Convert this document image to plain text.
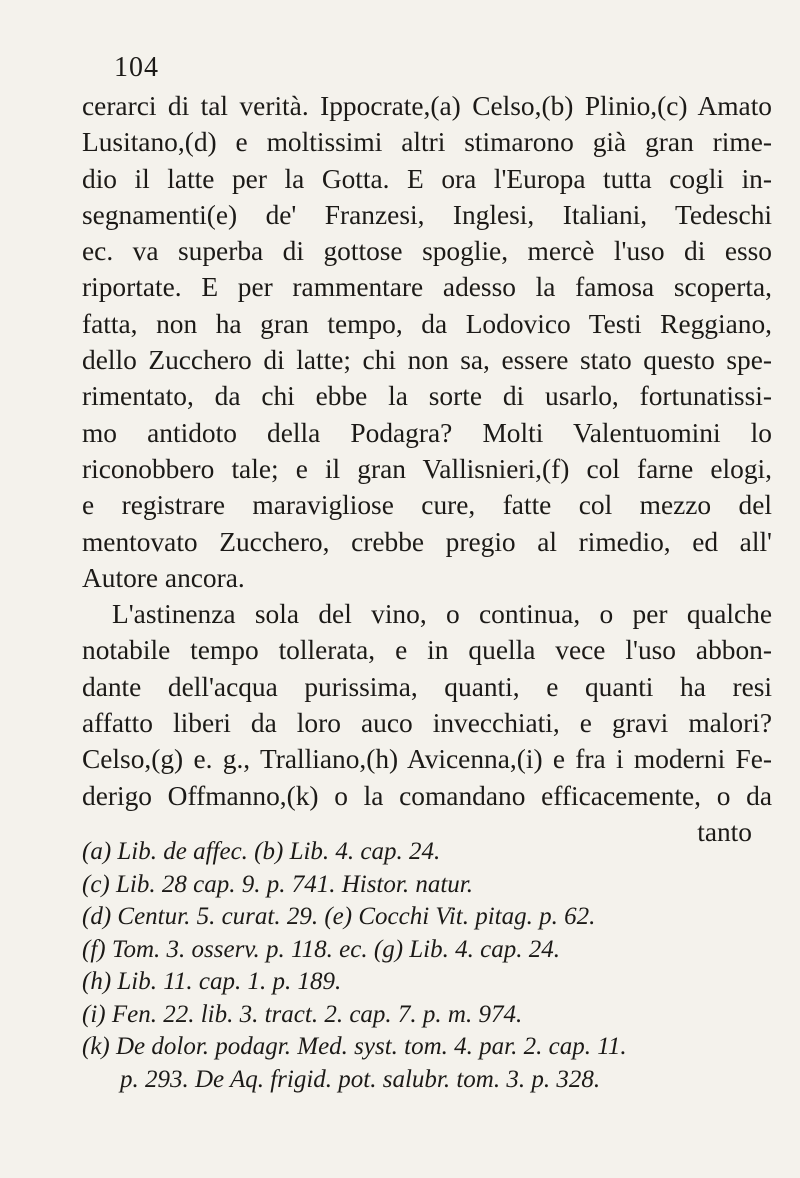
104
cerarci di tal verità. Ippocrate,(a) Celso,(b) Plinio,(c) Amato
Lusitano,(d) e moltissimi altri stimarono già gran rime-
dio il latte per la Gotta. E ora l'Europa tutta cogli in-
segnamenti(e) de' Franzesi, Inglesi, Italiani, Tedeschi
ec. va superba di gottose spoglie, mercè l'uso di esso
riportate. E per rammentare adesso la famosa scoperta,
fatta, non ha gran tempo, da Lodovico Testi Reggiano,
dello Zucchero di latte; chi non sa, essere stato questo spe-
rimentato, da chi ebbe la sorte di usarlo, fortunatissi-
mo antidoto della Podagra? Molti Valentuomini lo
riconobbero tale; e il gran Vallisnieri,(f) col farne elogi,
e registrare maravigliose cure, fatte col mezzo del
mentovato Zucchero, crebbe pregio al rimedio, ed all'
Autore ancora.
L'astinenza sola del vino, o continua, o per qualche
notabile tempo tollerata, e in quella vece l'uso abbon-
dante dell'acqua purissima, quanti, e quanti ha resi
affatto liberi da loro auco invecchiati, e gravi malori?
Celso,(g) e. g., Tralliano,(h) Avicenna,(i) e fra i moderni Fe-
derigo Offmanno,(k) o la comandano efficacemente, o da
tanto
(a) Lib. de affec. (b) Lib. 4. cap. 24.
(c) Lib. 28 cap. 9. p. 741. Histor. natur.
(d) Centur. 5. curat. 29. (e) Cocchi Vit. pitag. p. 62.
(f) Tom. 3. osserv. p. 118. ec. (g) Lib. 4. cap. 24.
(h) Lib. 11. cap. 1. p. 189.
(i) Fen. 22. lib. 3. tract. 2. cap. 7. p. m. 974.
(k) De dolor. podagr. Med. syst. tom. 4. par. 2. cap. 11.
p. 293. De Aq. frigid. pot. salubr. tom. 3. p. 328.
